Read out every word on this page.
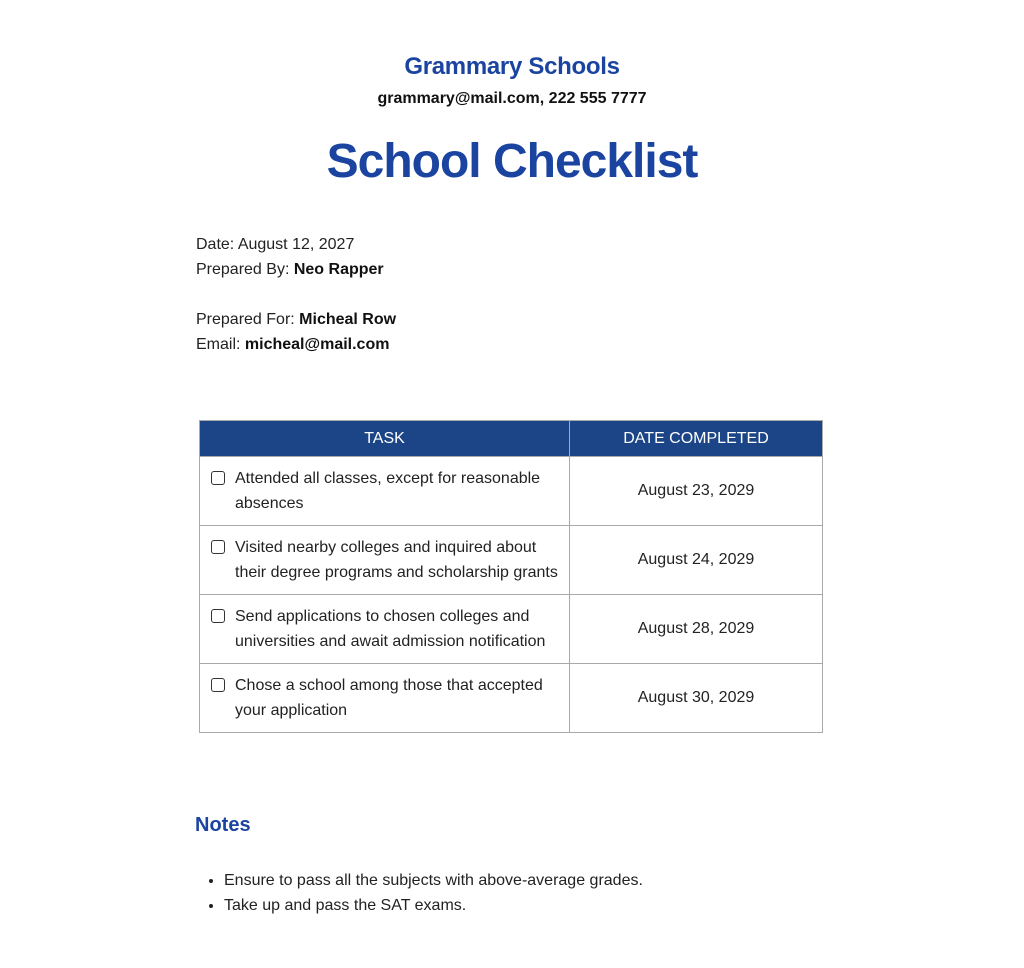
Grammary Schools
grammary@mail.com, 222 555 7777
School Checklist
Date: August 12, 2027
Prepared By: Neo Rapper
Prepared For: Micheal Row
Email: micheal@mail.com
TASK	DATE COMPLETED

Attended all classes, except for reasonable absences	August 23, 2029

Visited nearby colleges and inquired about their degree programs and scholarship grants	August 24, 2029

Send applications to chosen colleges and universities and await admission notification	August 28, 2029

Chose a school among those that accepted your application	August 30, 2029
Notes
• Ensure to pass all the subjects with above-average grades.
• Take up and pass the SAT exams.
